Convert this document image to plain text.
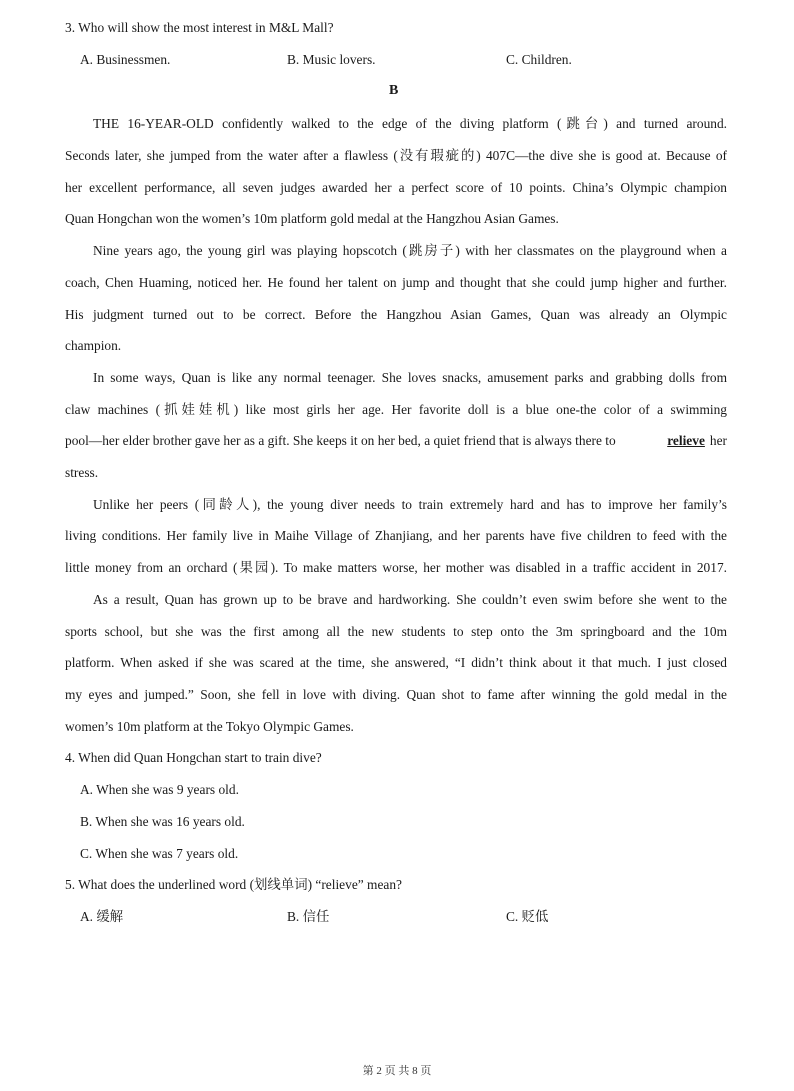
3. Who will show the most interest in M&L Mall?
A. Businessmen.	B. Music lovers.	C. Children.
B
THE 16-YEAR-OLD confidently walked to the edge of the diving platform (跳台) and turned around.
Seconds later, she jumped from the water after a flawless (没有瑕疵的) 407C—the dive she is good at. Because of
her excellent performance, all seven judges awarded her a perfect score of 10 points. China’s Olympic champion
Quan Hongchan won the women’s 10m platform gold medal at the Hangzhou Asian Games.
Nine years ago, the young girl was playing hopscotch (跳房子) with her classmates on the playground when a
coach, Chen Huaming, noticed her. He found her talent on jump and thought that she could jump higher and further.
His judgment turned out to be correct. Before the Hangzhou Asian Games, Quan was already an Olympic
champion.
In some ways, Quan is like any normal teenager. She loves snacks, amusement parks and grabbing dolls from
claw machines (抓娃娃机) like most girls her age. Her favorite doll is a blue one-the color of a swimming
pool—her elder brother gave her as a gift. She keeps it on her bed, a quiet friend that is always there to	relieve her
stress.
Unlike her peers (同龄人), the young diver needs to train extremely hard and has to improve her family’s
living conditions. Her family live in Maihe Village of Zhanjiang, and her parents have five children to feed with the
little money from an orchard (果园). To make matters worse, her mother was disabled in a traffic accident in 2017.
As a result, Quan has grown up to be brave and hardworking. She couldn’t even swim before she went to the
sports school, but she was the first among all the new students to step onto the 3m springboard and the 10m
platform. When asked if she was scared at the time, she answered, “I didn’t think about it that much. I just closed
my eyes and jumped.” Soon, she fell in love with diving. Quan shot to fame after winning the gold medal in the
women’s 10m platform at the Tokyo Olympic Games.
4. When did Quan Hongchan start to train dive?
A. When she was 9 years old.
B. When she was 16 years old.
C. When she was 7 years old.
5. What does the underlined word (划线单词) “relieve” mean?
A. 缓解	B. 信任	C. 贬低
第 2 页 共 8 页
